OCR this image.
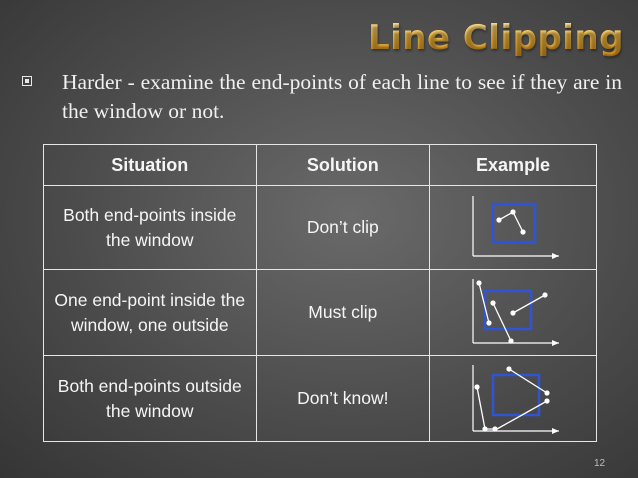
Line Clipping
Harder - examine the end-points of each line to see if they are in the window or not.
Situation	Solution	Example
Both end-points inside the window	Don’t clip	

One end-point inside the window, one outside	Must clip	

Both end-points outside the window	Don’t know!	
12
